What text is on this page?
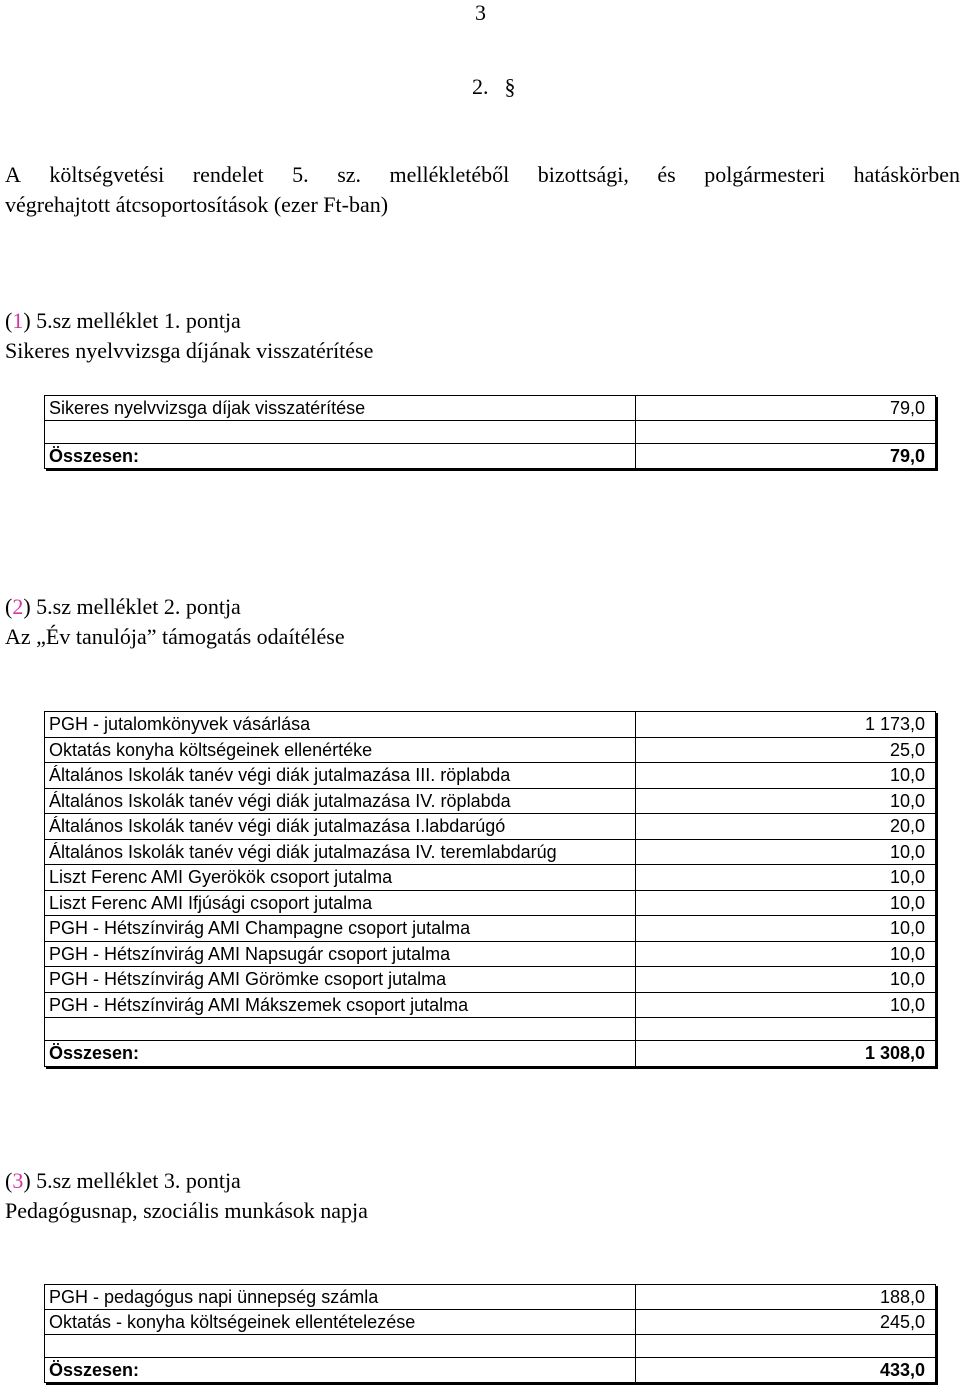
3
2. §
A költségvetési rendelet 5. sz. mellékletéből bizottsági, és polgármesteri hatáskörben
végrehajtott átcsoportosítások (ezer Ft-ban)
(1) 5.sz melléklet 1. pontja
Sikeres nyelvvizsga díjának visszatérítése
Sikeres nyelvvizsga díjak visszatérítése	79,0

Összesen:	79,0
(2) 5.sz melléklet 2. pontja
Az „Év tanulója” támogatás odaítélése
PGH - jutalomkönyvek vásárlása	1 173,0
Oktatás konyha költségeinek ellenértéke	25,0
Általános Iskolák tanév végi diák jutalmazása III. röplabda	10,0
Általános Iskolák tanév végi diák jutalmazása IV. röplabda	10,0
Általános Iskolák tanév végi diák jutalmazása I.labdarúgó	20,0
Általános Iskolák tanév végi diák jutalmazása IV. teremlabdarúg	10,0
Liszt Ferenc AMI Gyerökök csoport jutalma	10,0
Liszt Ferenc AMI Ifjúsági csoport jutalma	10,0
PGH - Hétszínvirág AMI Champagne csoport jutalma	10,0
PGH - Hétszínvirág AMI Napsugár csoport jutalma	10,0
PGH - Hétszínvirág AMI Görömke csoport jutalma	10,0
PGH - Hétszínvirág AMI Mákszemek csoport jutalma	10,0

Összesen:	1 308,0
(3) 5.sz melléklet 3. pontja
Pedagógusnap, szociális munkások napja
PGH - pedagógus napi ünnepség számla	188,0
Oktatás - konyha költségeinek ellentételezése	245,0

Összesen:	433,0
